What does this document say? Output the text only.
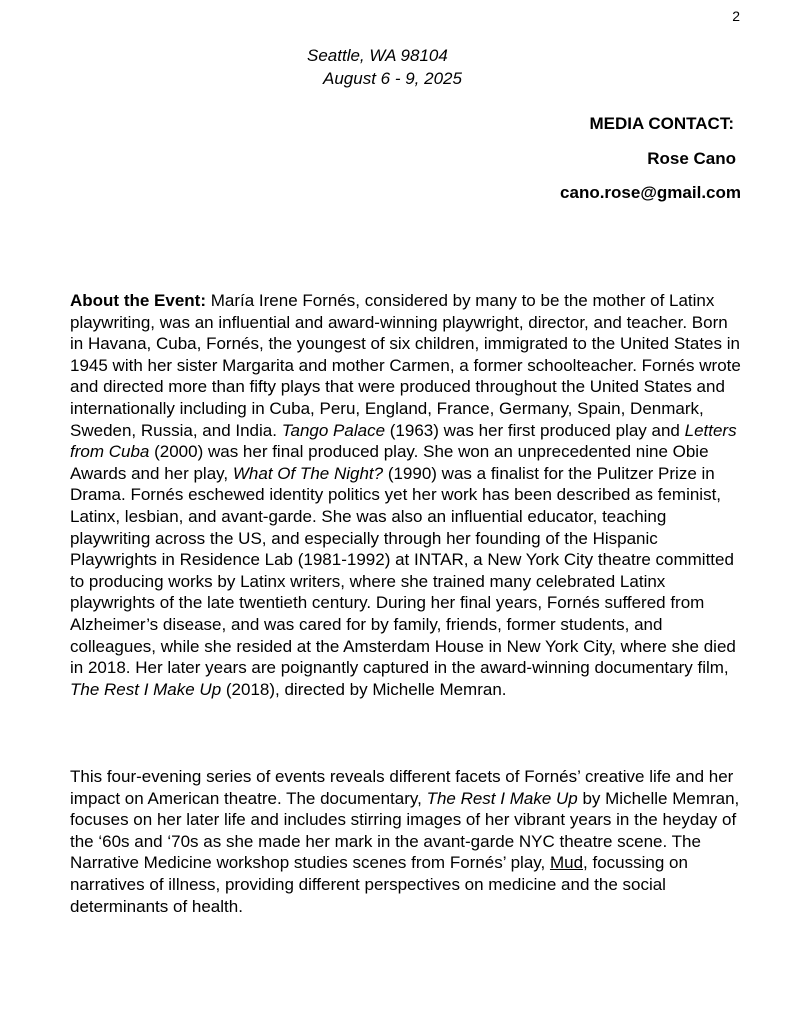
2
Seattle, WA 98104
August 6 - 9, 2025
MEDIA CONTACT:
Rose Cano
cano.rose@gmail.com

About the Event: María Irene Fornés, considered by many to be the mother of Latinx playwriting, was an influential and award-winning playwright, director, and teacher. Born in Havana, Cuba, Fornés, the youngest of six children, immigrated to the United States in 1945 with her sister Margarita and mother Carmen, a former schoolteacher. Fornés wrote and directed more than fifty plays that were produced throughout the United States and internationally including in Cuba, Peru, England, France, Germany, Spain, Denmark, Sweden, Russia, and India. Tango Palace (1963) was her first produced play and Letters from Cuba (2000) was her final produced play. She won an unprecedented nine Obie Awards and her play, What Of The Night? (1990) was a finalist for the Pulitzer Prize in Drama. Fornés eschewed identity politics yet her work has been described as feminist, Latinx, lesbian, and avant-garde. She was also an influential educator, teaching playwriting across the US, and especially through her founding of the Hispanic Playwrights in Residence Lab (1981-1992) at INTAR, a New York City theatre committed to producing works by Latinx writers, where she trained many celebrated Latinx playwrights of the late twentieth century. During her final years, Fornés suffered from Alzheimer’s disease, and was cared for by family, friends, former students, and colleagues, while she resided at the Amsterdam House in New York City, where she died in 2018. Her later years are poignantly captured in the award-winning documentary film, The Rest I Make Up (2018), directed by Michelle Memran.

This four-evening series of events reveals different facets of Fornés’ creative life and her impact on American theatre. The documentary, The Rest I Make Up by Michelle Memran, focuses on her later life and includes stirring images of her vibrant years in the heyday of the ‘60s and ‘70s as she made her mark in the avant-garde NYC theatre scene. The Narrative Medicine workshop studies scenes from Fornés’ play, Mud, focussing on narratives of illness, providing different perspectives on medicine and the social determinants of health.
